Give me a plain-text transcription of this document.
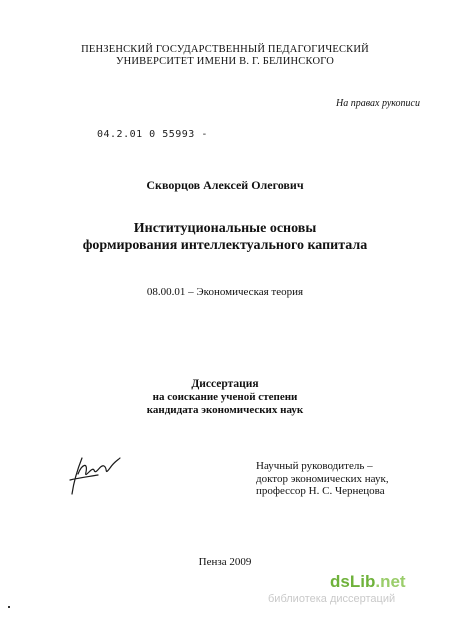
ПЕНЗЕНСКИЙ ГОСУДАРСТВЕННЫЙ ПЕДАГОГИЧЕСКИЙ
УНИВЕРСИТЕТ ИМЕНИ В. Г. БЕЛИНСКОГО
На правах рукописи
04.2.01 0 55993 -
Скворцов Алексей Олегович
Институциональные основы
формирования интеллектуального капитала
08.00.01 – Экономическая теория
Диссертация
на соискание ученой степени
кандидата экономических наук
Научный руководитель –
доктор экономических наук,
профессор Н. С. Чернецова
Пенза 2009
dsLib.net
библиотека диссертаций
